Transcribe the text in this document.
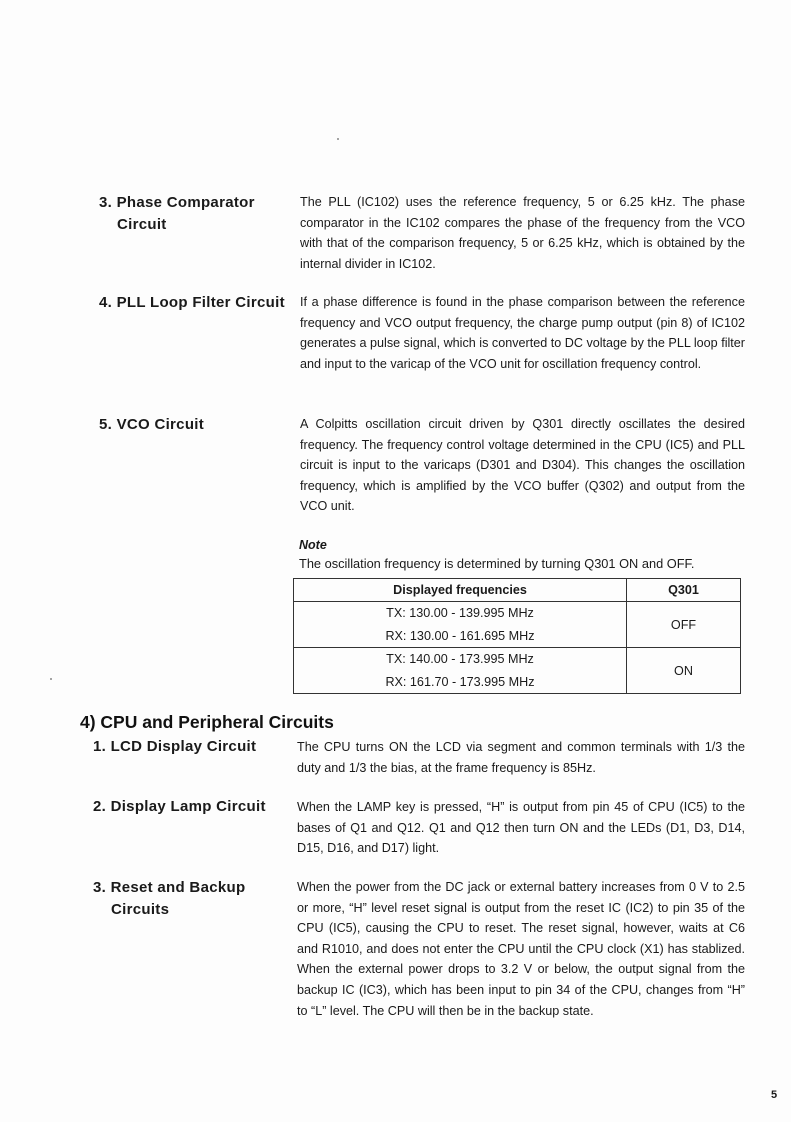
3. Phase Comparator
Circuit
The PLL (IC102) uses the reference frequency, 5 or 6.25 kHz. The phase comparator in the IC102 compares the phase of the frequency from the VCO with that of the comparison frequency, 5 or 6.25 kHz, which is obtained by the internal divider in IC102.
4. PLL Loop Filter Circuit If a phase difference is found in the phase comparison between the reference frequency and VCO output frequency, the charge pump output (pin 8) of IC102 generates a pulse signal, which is converted to DC voltage by the PLL loop filter and input to the varicap of the VCO unit for oscillation frequency control.
5. VCO Circuit	A Colpitts oscillation circuit driven by Q301 directly oscillates the desired frequency. The frequency control voltage determined in the CPU (IC5) and PLL circuit is input to the varicaps (D301 and D304). This changes the oscillation frequency, which is amplified by the VCO buffer (Q302) and output from the VCO unit.
Note
The oscillation frequency is determined by turning Q301 ON and OFF.
Displayed frequencies	Q301

TX: 130.00 - 139.995 MHz
RX: 130.00 - 161.695 MHz	OFF

TX: 140.00 - 173.995 MHz
RX: 161.70 - 173.995 MHz	ON
4) CPU and Peripheral Circuits
1. LCD Display Circuit	The CPU turns ON the LCD via segment and common terminals with 1/3 the duty and 1/3 the bias, at the frame frequency is 85Hz.
2. Display Lamp Circuit When the LAMP key is pressed, “H” is output from pin 45 of CPU (IC5) to the bases of Q1 and Q12. Q1 and Q12 then turn ON and the LEDs (D1, D3, D14, D15, D16, and D17) light.
3. Reset and Backup
Circuits
When the power from the DC jack or external battery increases from 0 V to 2.5 or more, “H” level reset signal is output from the reset IC (IC2) to pin 35 of the CPU (IC5), causing the CPU to reset. The reset signal, however, waits at C6 and R1010, and does not enter the CPU until the CPU clock (X1) has stablized. When the external power drops to 3.2 V or below, the output signal from the backup IC (IC3), which has been input to pin 34 of the CPU, changes from “H” to “L” level. The CPU will then be in the backup state.
5
